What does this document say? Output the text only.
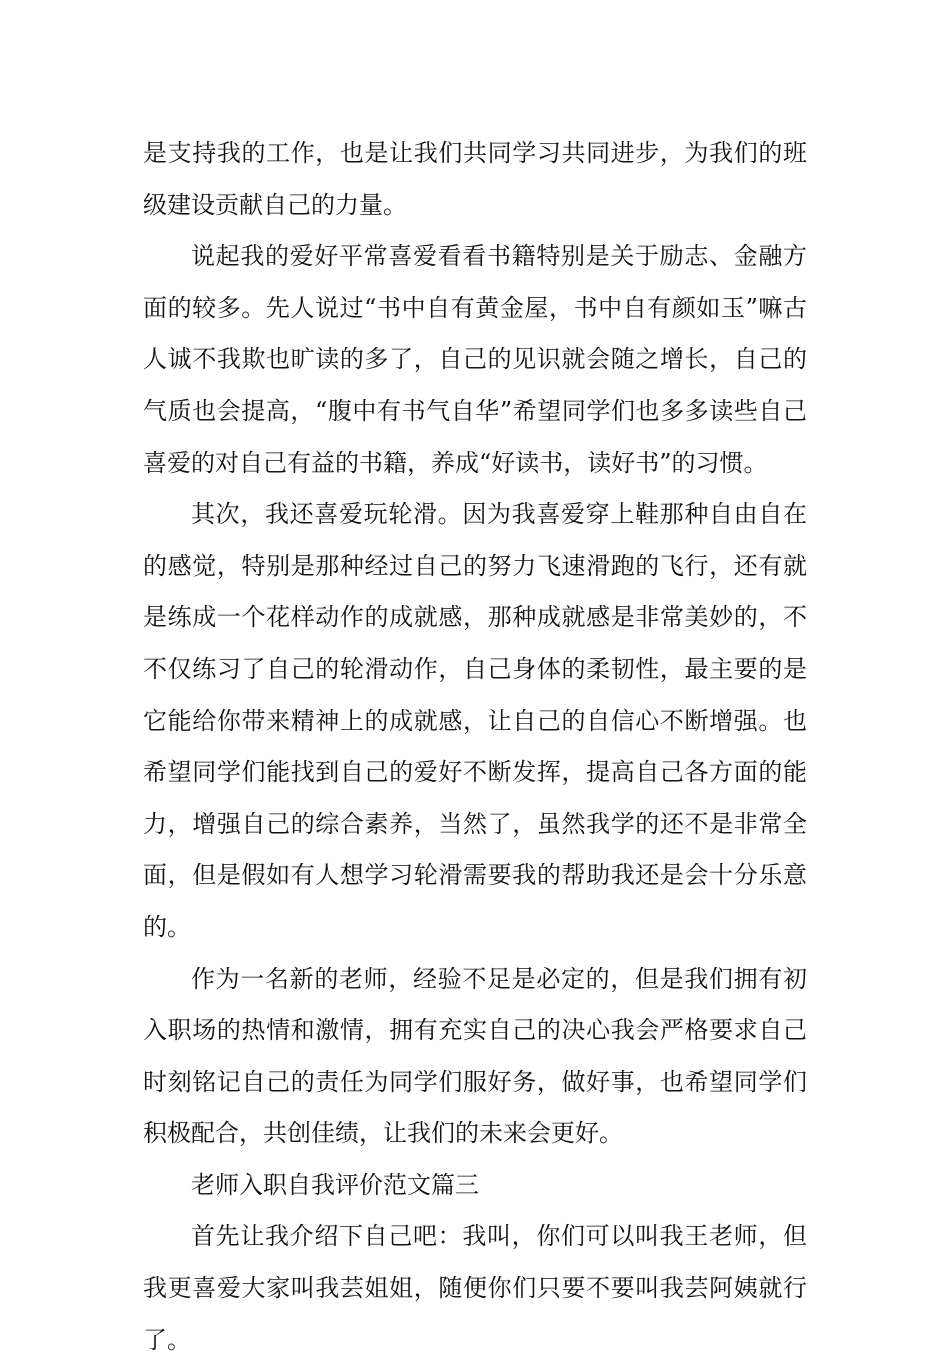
是支持我的工作，也是让我们共同学习共同进步，为我们的班级建设贡献自己的力量。

说起我的爱好平常喜爱看看书籍特别是关于励志、金融方面的较多。先人说过“书中自有黄金屋，书中自有颜如玉”嘛古人诚不我欺也旷读的多了，自己的见识就会随之增长，自己的气质也会提高，“腹中有书气自华”希望同学们也多多读些自己喜爱的对自己有益的书籍，养成“好读书，读好书”的习惯。

其次，我还喜爱玩轮滑。因为我喜爱穿上鞋那种自由自在的感觉，特别是那种经过自己的努力飞速滑跑的飞行，还有就是练成一个花样动作的成就感，那种成就感是非常美妙的，不不仅练习了自己的轮滑动作，自己身体的柔韧性，最主要的是它能给你带来精神上的成就感，让自己的自信心不断增强。也希望同学们能找到自己的爱好不断发挥，提高自己各方面的能力，增强自己的综合素养，当然了，虽然我学的还不是非常全面，但是假如有人想学习轮滑需要我的帮助我还是会十分乐意的。

作为一名新的老师，经验不足是必定的，但是我们拥有初入职场的热情和激情，拥有充实自己的决心我会严格要求自己时刻铭记自己的责任为同学们服好务，做好事，也希望同学们积极配合，共创佳绩，让我们的未来会更好。

老师入职自我评价范文篇三

首先让我介绍下自己吧：我叫，你们可以叫我王老师，但我更喜爱大家叫我芸姐姐，随便你们只要不要叫我芸阿姨就行了。
